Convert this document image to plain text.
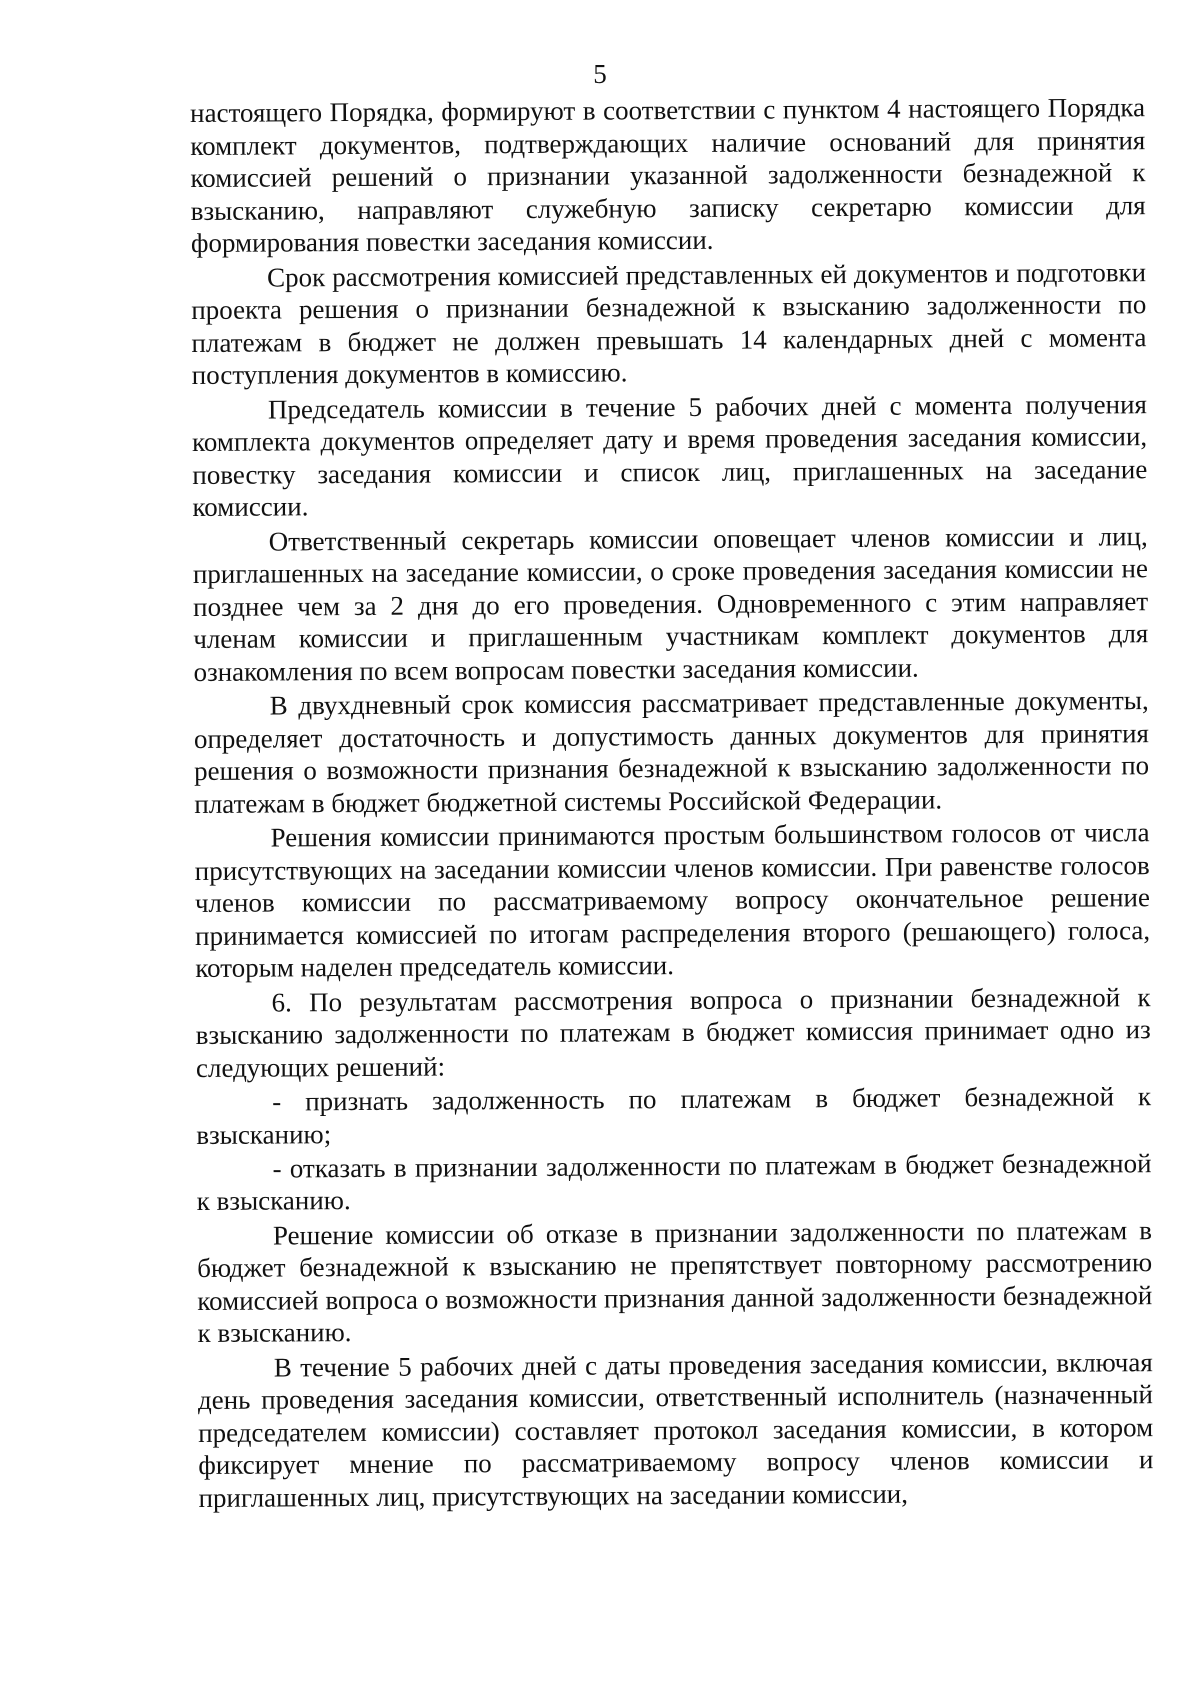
5

настоящего Порядка, формируют в соответствии с пунктом 4 настоящего Порядка комплект документов, подтверждающих наличие оснований для принятия комиссией решений о признании указанной задолженности безнадежной к взысканию, направляют служебную записку секретарю комиссии для формирования повестки заседания комиссии.

Срок рассмотрения комиссией представленных ей документов и подготовки проекта решения о признании безнадежной к взысканию задолженности по платежам в бюджет не должен превышать 14 календарных дней с момента поступления документов в комиссию.

Председатель комиссии в течение 5 рабочих дней с момента получения комплекта документов определяет дату и время проведения заседания комиссии, повестку заседания комиссии и список лиц, приглашенных на заседание комиссии.

Ответственный секретарь комиссии оповещает членов комиссии и лиц, приглашенных на заседание комиссии, о сроке проведения заседания комиссии не позднее чем за 2 дня до его проведения. Одновременного с этим направляет членам комиссии и приглашенным участникам комплект документов для ознакомления по всем вопросам повестки заседания комиссии.

В двухдневный срок комиссия рассматривает представленные документы, определяет достаточность и допустимость данных документов для принятия решения о возможности признания безнадежной к взысканию задолженности по платежам в бюджет бюджетной системы Российской Федерации.

Решения комиссии принимаются простым большинством голосов от числа присутствующих на заседании комиссии членов комиссии. При равенстве голосов членов комиссии по рассматриваемому вопросу окончательное решение принимается комиссией по итогам распределения второго (решающего) голоса, которым наделен председатель комиссии.

6. По результатам рассмотрения вопроса о признании безнадежной к взысканию задолженности по платежам в бюджет комиссия принимает одно из следующих решений:

- признать задолженность по платежам в бюджет безнадежной к взысканию;

- отказать в признании задолженности по платежам в бюджет безнадежной к взысканию.

Решение комиссии об отказе в признании задолженности по платежам в бюджет безнадежной к взысканию не препятствует повторному рассмотрению комиссией вопроса о возможности признания данной задолженности безнадежной к взысканию.

В течение 5 рабочих дней с даты проведения заседания комиссии, включая день проведения заседания комиссии, ответственный исполнитель (назначенный председателем комиссии) составляет протокол заседания комиссии, в котором фиксирует мнение по рассматриваемому вопросу членов комиссии и приглашенных лиц, присутствующих на заседании комиссии,
